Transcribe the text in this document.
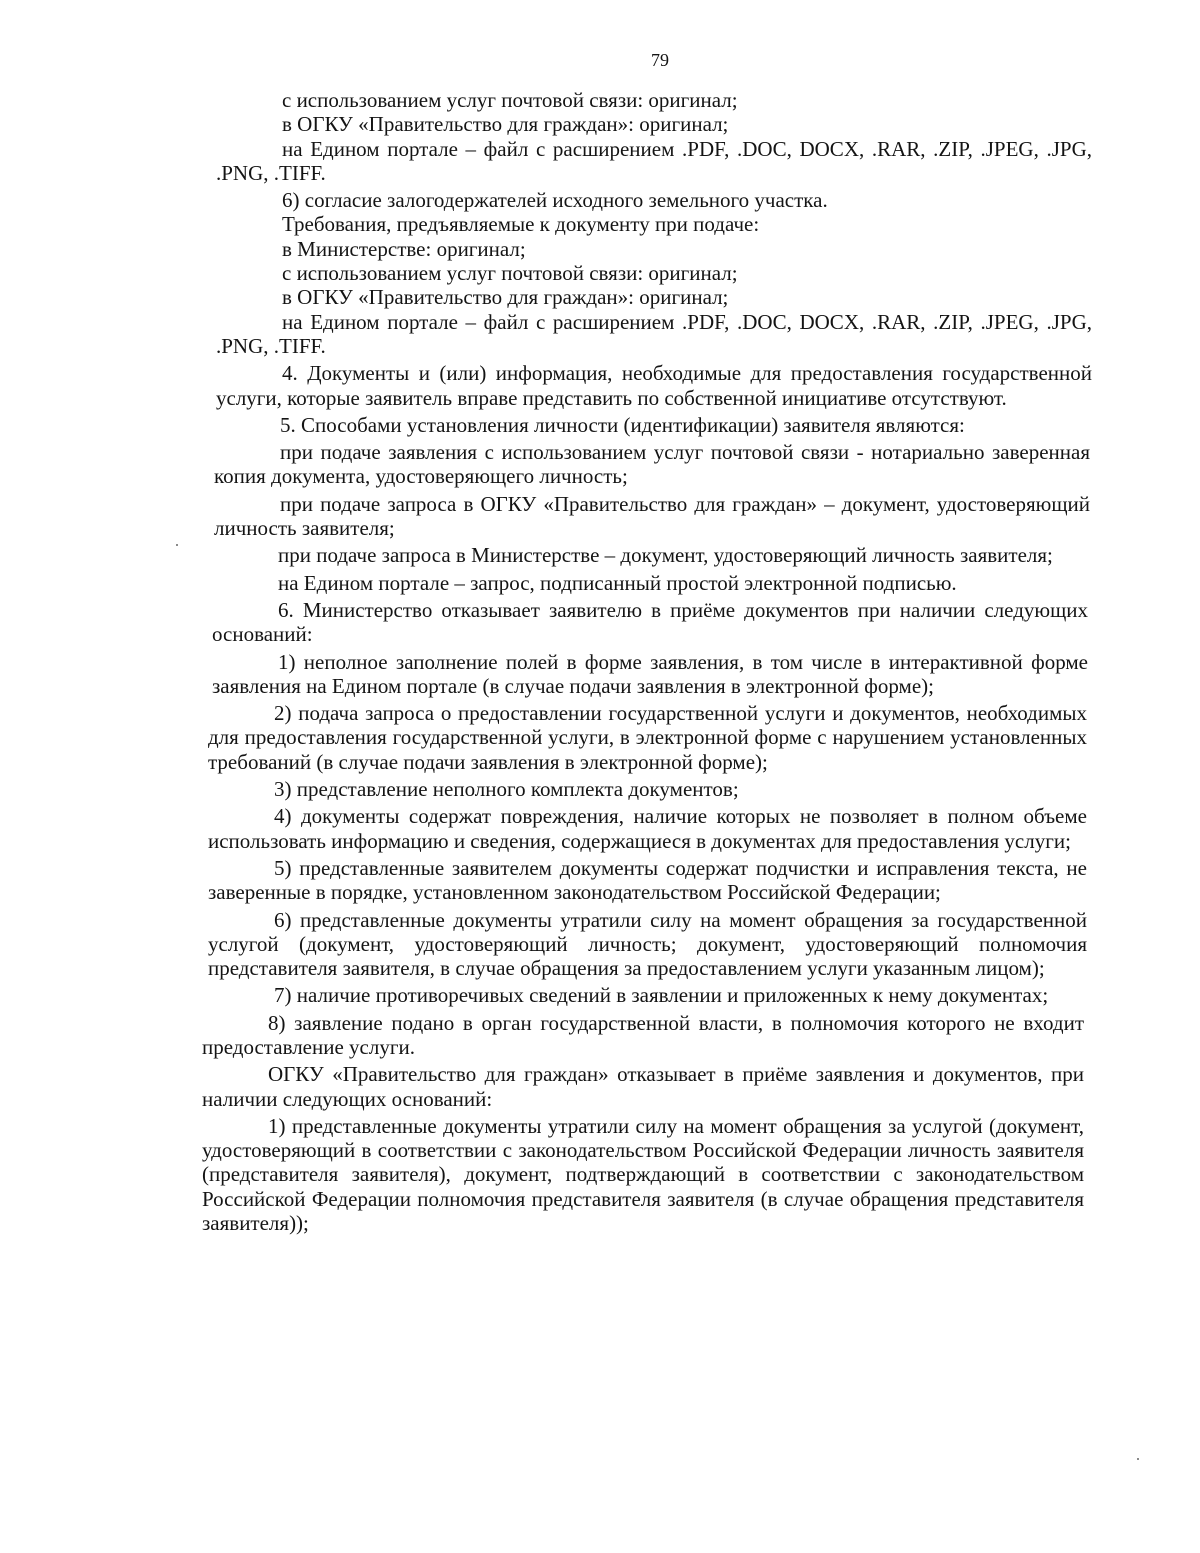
79

с использованием услуг почтовой связи: оригинал;

в ОГКУ «Правительство для граждан»: оригинал;

на Едином портале – файл с расширением .PDF, .DOC, DOCX, .RAR, .ZIP, .JPEG, .JPG, .PNG, .TIFF.

6) согласие залогодержателей исходного земельного участка.

Требования, предъявляемые к документу при подаче:

в Министерстве: оригинал;

с использованием услуг почтовой связи: оригинал;

в ОГКУ «Правительство для граждан»: оригинал;

на Едином портале – файл с расширением .PDF, .DOC, DOCX, .RAR, .ZIP, .JPEG, .JPG, .PNG, .TIFF.

4. Документы и (или) информация, необходимые для предоставления государственной услуги, которые заявитель вправе представить по собственной инициативе отсутствуют.

5. Способами установления личности (идентификации) заявителя являются:

при подаче заявления с использованием услуг почтовой связи - нотариально заверенная копия документа, удостоверяющего личность;

при подаче запроса в ОГКУ «Правительство для граждан» – документ, удостоверяющий личность заявителя;

при подаче запроса в Министерстве – документ, удостоверяющий личность заявителя;

на Едином портале – запрос, подписанный простой электронной подписью.

6. Министерство отказывает заявителю в приёме документов при наличии следующих оснований:

1) неполное заполнение полей в форме заявления, в том числе в интерактивной форме заявления на Едином портале (в случае подачи заявления в электронной форме);

2) подача запроса о предоставлении государственной услуги и документов, необходимых для предоставления государственной услуги, в электронной форме с нарушением установленных требований (в случае подачи заявления в электронной форме);

3) представление неполного комплекта документов;

4) документы содержат повреждения, наличие которых не позволяет в полном объеме использовать информацию и сведения, содержащиеся в документах для предоставления услуги;

5) представленные заявителем документы содержат подчистки и исправления текста, не заверенные в порядке, установленном законодательством Российской Федерации;

6) представленные документы утратили силу на момент обращения за государственной услугой (документ, удостоверяющий личность; документ, удостоверяющий полномочия представителя заявителя, в случае обращения за предоставлением услуги указанным лицом);

7) наличие противоречивых сведений в заявлении и приложенных к нему документах;

8) заявление подано в орган государственной власти, в полномочия которого не входит предоставление услуги.

ОГКУ «Правительство для граждан» отказывает в приёме заявления и документов, при наличии следующих оснований:

1) представленные документы утратили силу на момент обращения за услугой (документ, удостоверяющий в соответствии с законодательством Российской Федерации личность заявителя (представителя заявителя), документ, подтверждающий в соответствии с законодательством Российской Федерации полномочия представителя заявителя (в случае обращения представителя заявителя));
